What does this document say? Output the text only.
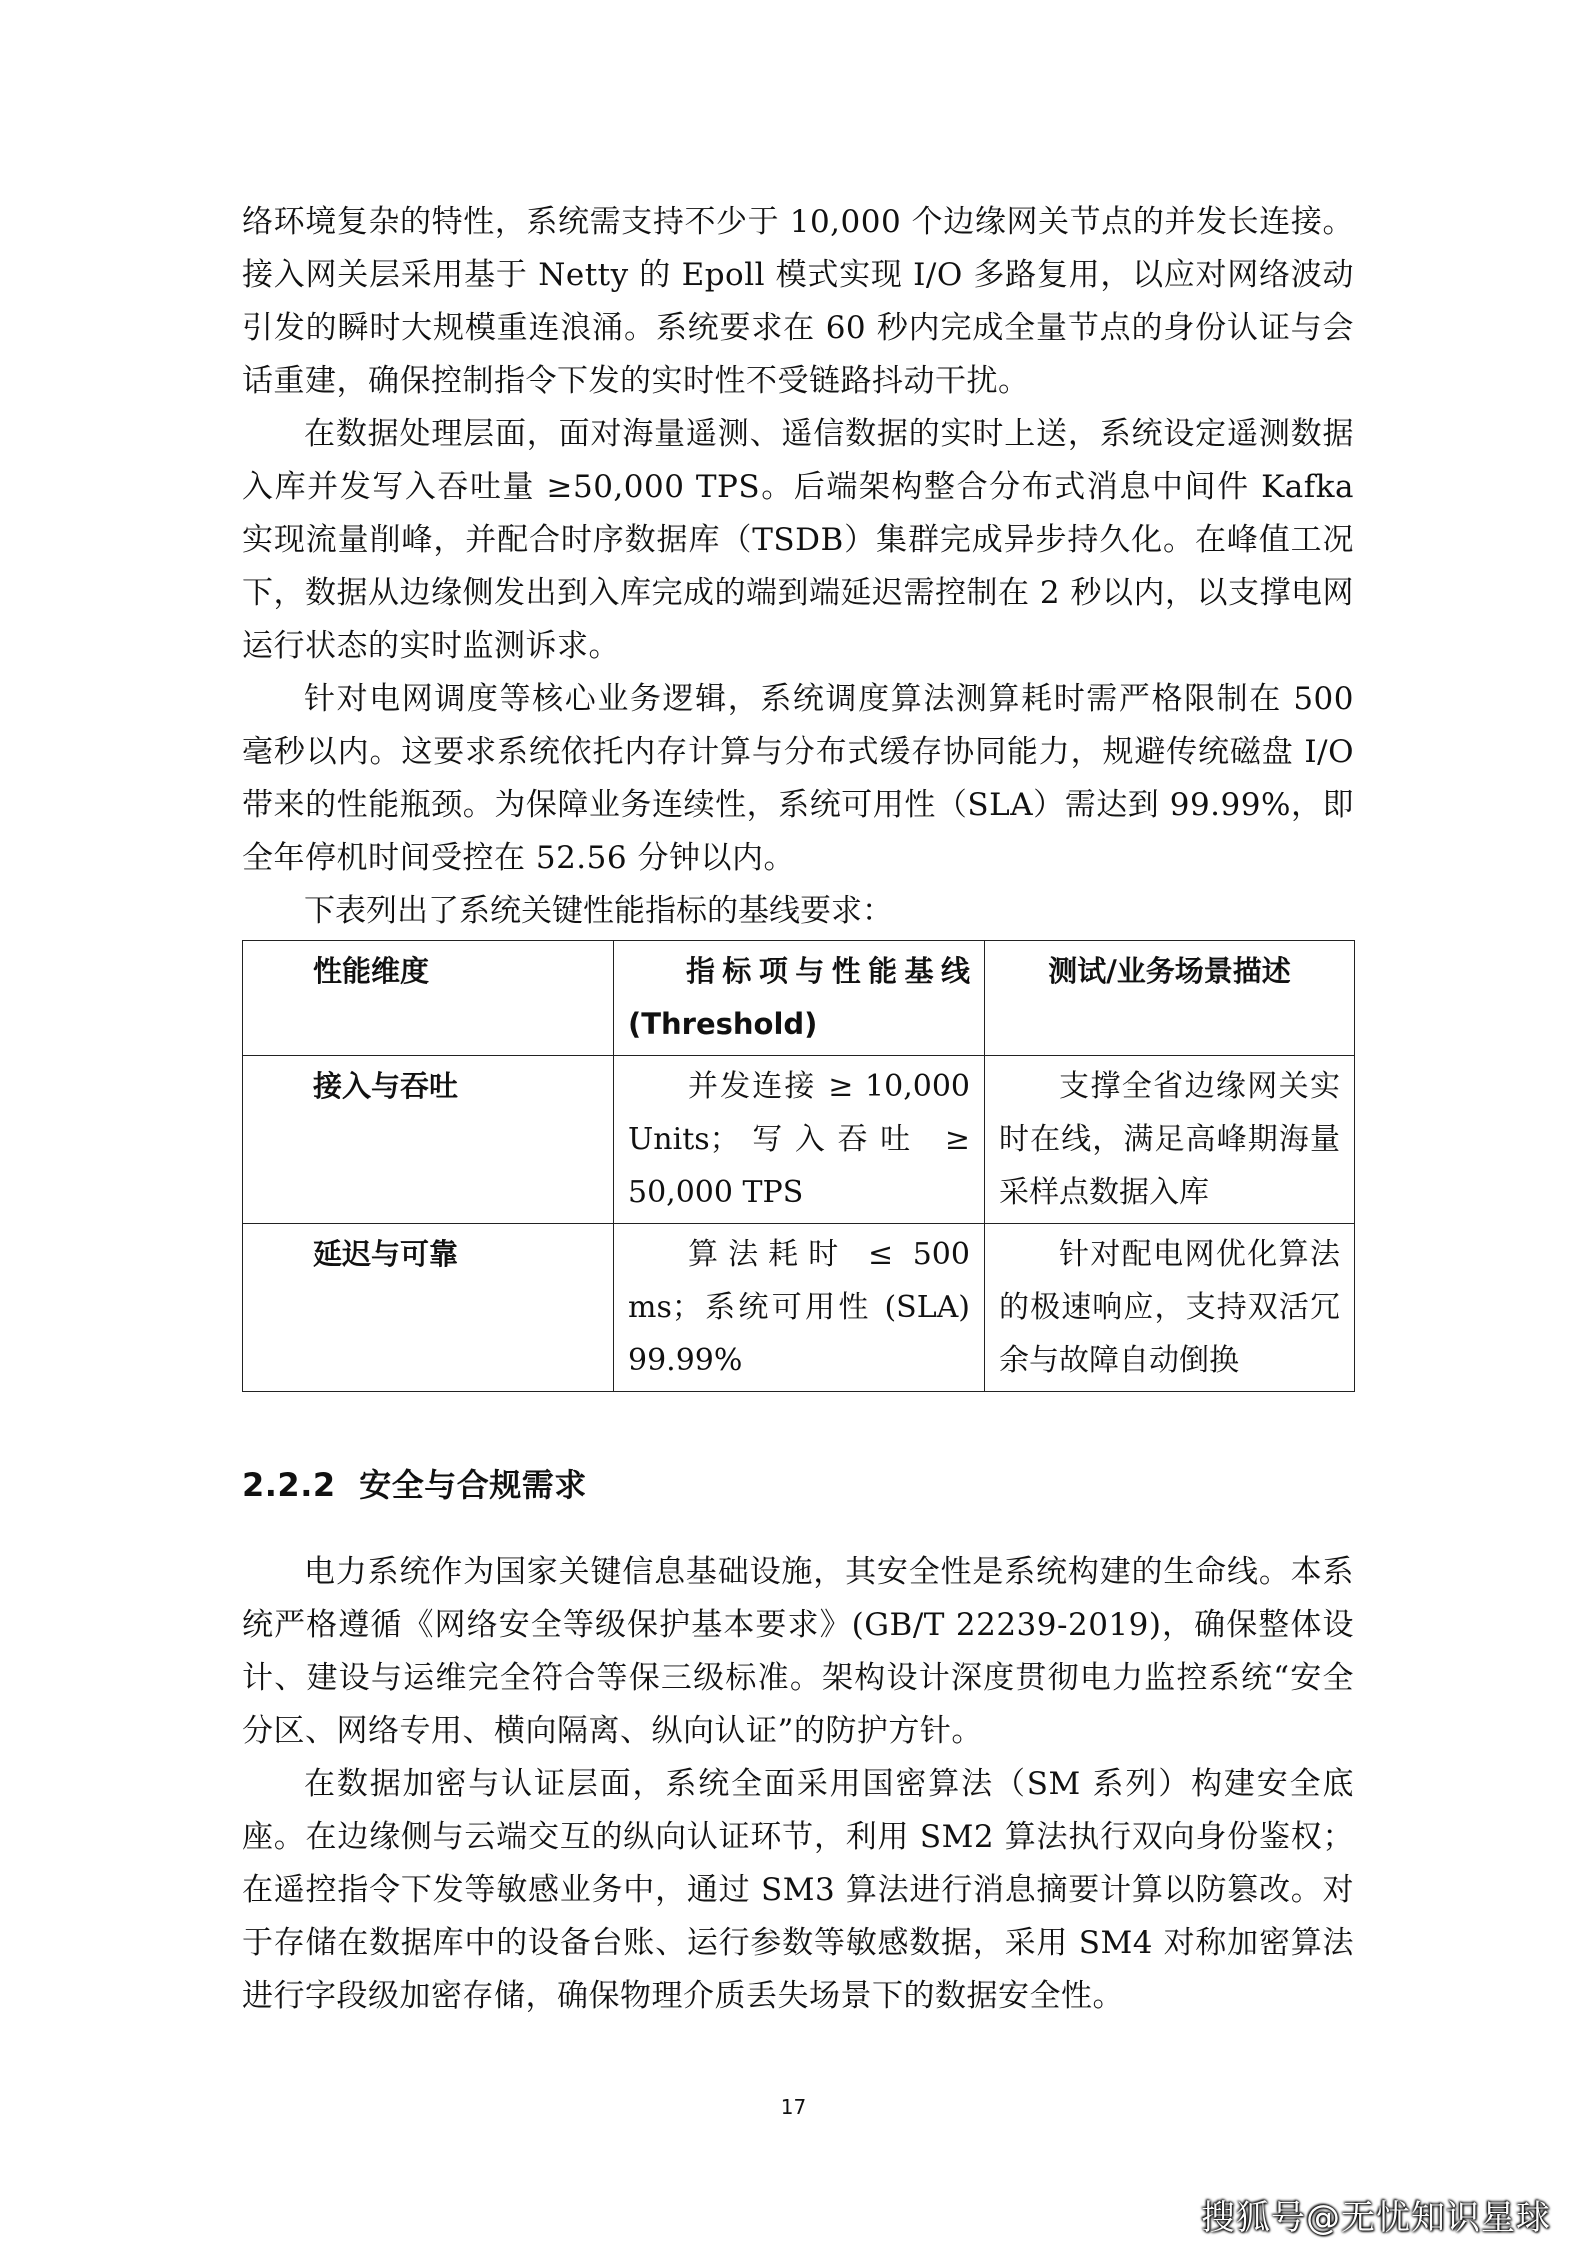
络环境复杂的特性，系统需支持不少于 10,000 个边缘网关节点的并发长连接。接入网关层采用基于 Netty 的 Epoll 模式实现 I/O 多路复用，以应对网络波动引发的瞬时大规模重连浪涌。系统要求在 60 秒内完成全量节点的身份认证与会话重建，确保控制指令下发的实时性不受链路抖动干扰。

在数据处理层面，面对海量遥测、遥信数据的实时上送，系统设定遥测数据入库并发写入吞吐量 ≥50,000 TPS。后端架构整合分布式消息中间件 Kafka 实现流量削峰，并配合时序数据库（TSDB）集群完成异步持久化。在峰值工况下，数据从边缘侧发出到入库完成的端到端延迟需控制在 2 秒以内，以支撑电网运行状态的实时监测诉求。

针对电网调度等核心业务逻辑，系统调度算法测算耗时需严格限制在 500 毫秒以内。这要求系统依托内存计算与分布式缓存协同能力，规避传统磁盘 I/O 带来的性能瓶颈。为保障业务连续性，系统可用性（SLA）需达到 99.99%，即全年停机时间受控在 52.56 分钟以内。

下表列出了系统关键性能指标的基线要求：

性能维度	指标项与性能基线 (Threshold)	测试/业务场景描述
接入与吞吐	并发连接 ≥ 10,000 Units；写入吞吐 ≥ 50,000 TPS	支撑全省边缘网关实时在线，满足高峰期海量采样点数据入库
延迟与可靠	算法耗时 ≤ 500 ms；系统可用性 (SLA) 99.99%	针对配电网优化算法的极速响应，支持双活冗余与故障自动倒换
2.2.2 安全与合规需求

电力系统作为国家关键信息基础设施，其安全性是系统构建的生命线。本系统严格遵循《网络安全等级保护基本要求》(GB/T 22239-2019)，确保整体设计、建设与运维完全符合等保三级标准。架构设计深度贯彻电力监控系统“安全分区、网络专用、横向隔离、纵向认证”的防护方针。

在数据加密与认证层面，系统全面采用国密算法（SM 系列）构建安全底座。在边缘侧与云端交互的纵向认证环节，利用 SM2 算法执行双向身份鉴权；在遥控指令下发等敏感业务中，通过 SM3 算法进行消息摘要计算以防篡改。对于存储在数据库中的设备台账、运行参数等敏感数据，采用 SM4 对称加密算法进行字段级加密存储，确保物理介质丢失场景下的数据安全性。

17
搜狐号@无忧知识星球
